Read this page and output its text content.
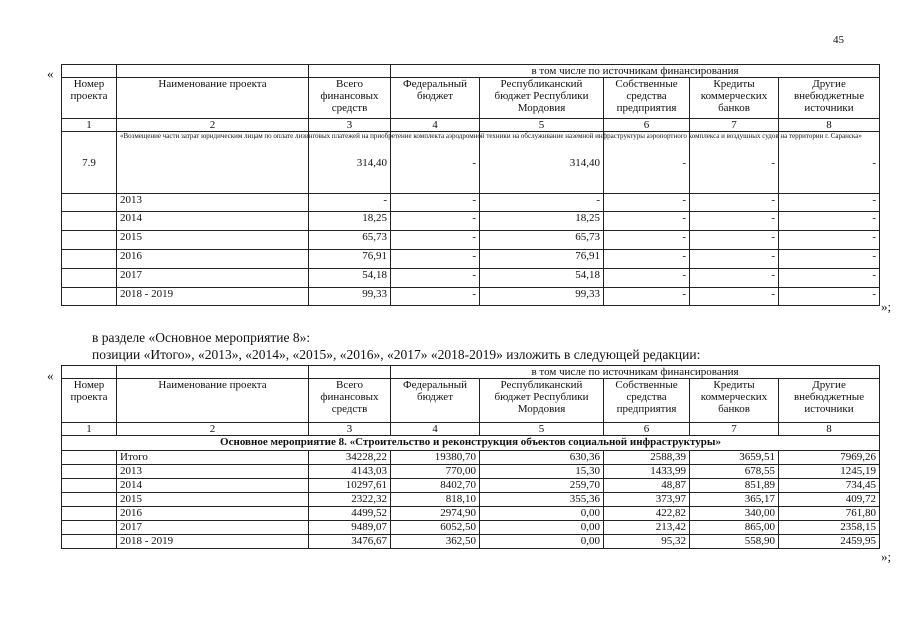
45
«
				в том числе по источникам финансирования				
Номер проекта	Наименование проекта	Всего финансовых средств	Федеральный бюджет	Республиканский бюджет Республики Мордовия	Собственные средства предприятия	Кредиты коммерческих банков	Другие внебюджетные источники
1	2	3	4	5	6	7	8
7.9	«Возмещение части затрат юридическим лицам по оплате лизинговых платежей на приобретение комплекта аэродромной техники на обслуживание наземной инфраструктуры аэропортного комплекса и воздушных судов на территории г. Саранска»	314,40	-	314,40	-	-	-
	2013	-	-	-	-	-	-
	2014	18,25	-	18,25	-	-	-
	2015	65,73	-	65,73	-	-	-
	2016	76,91	-	76,91	-	-	-
	2017	54,18	-	54,18	-	-	-
	2018 - 2019	99,33	-	99,33	-	-	-
»;
в разделе «Основное мероприятие 8»:
позиции «Итого», «2013», «2014», «2015», «2016», «2017» «2018-2019» изложить в следующей редакции:
«
				в том числе по источникам финансирования				
Номер проекта	Наименование проекта	Всего финансовых средств	Федеральный бюджет	Республиканский бюджет Республики Мордовия	Собственные средства предприятия	Кредиты коммерческих банков	Другие внебюджетные источники
1	2	3	4	5	6	7	8
Основное мероприятие 8. «Строительство и реконструкция объектов социальной инфраструктуры»							
	Итого	34228,22	19380,70	630,36	2588,39	3659,51	7969,26
	2013	4143,03	770,00	15,30	1433,99	678,55	1245,19
	2014	10297,61	8402,70	259,70	48,87	851,89	734,45
	2015	2322,32	818,10	355,36	373,97	365,17	409,72
	2016	4499,52	2974,90	0,00	422,82	340,00	761,80
	2017	9489,07	6052,50	0,00	213,42	865,00	2358,15
	2018 - 2019	3476,67	362,50	0,00	95,32	558,90	2459,95
»;
